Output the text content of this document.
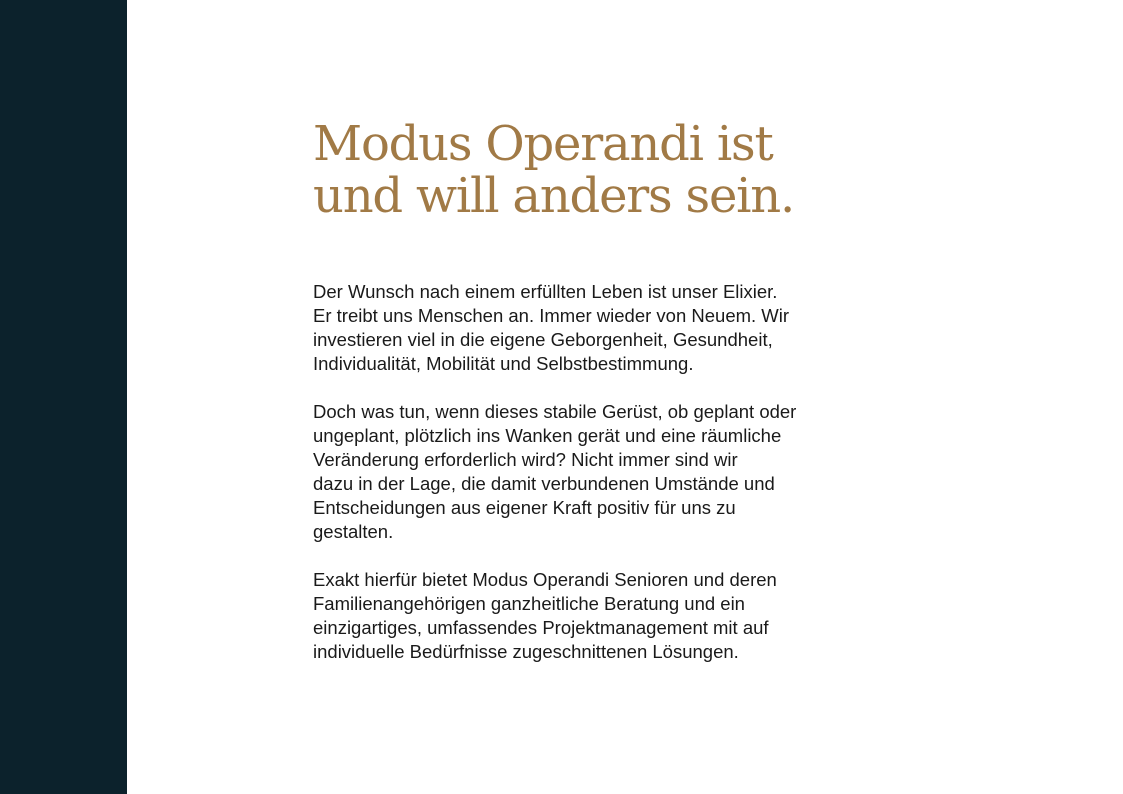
Modus Operandi ist
und will anders sein.

Der Wunsch nach einem erfüllten Leben ist unser Elixier.
Er treibt uns Menschen an. Immer wieder von Neuem. Wir
investieren viel in die eigene Geborgenheit, Gesundheit,
Individualität, Mobilität und Selbstbestimmung.

Doch was tun, wenn dieses stabile Gerüst, ob geplant oder
ungeplant, plötzlich ins Wanken gerät und eine räumliche
Veränderung erforderlich wird? Nicht immer sind wir
dazu in der Lage, die damit verbundenen Umstände und
Entscheidungen aus eigener Kraft positiv für uns zu
gestalten.

Exakt hierfür bietet Modus Operandi Senioren und deren
Familienangehörigen ganzheitliche Beratung und ein
einzigartiges, umfassendes Projektmanagement mit auf
individuelle Bedürfnisse zugeschnittenen Lösungen.
